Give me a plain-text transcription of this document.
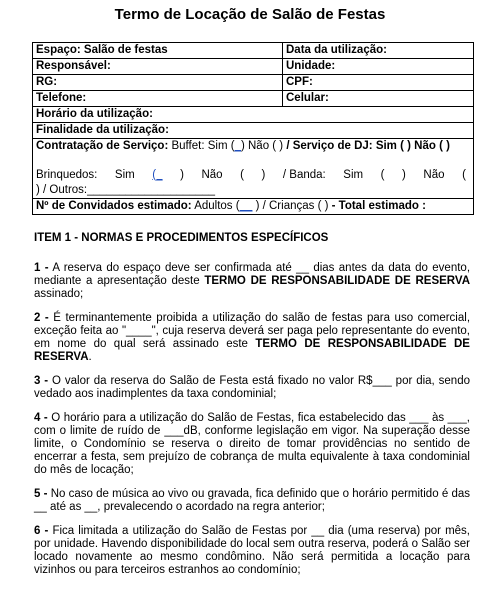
Termo de Locação de Salão de Festas
Espaço: Salão de festas	Data da utilização:
Responsável:	Unidade:
RG:	CPF:
Telefone:	Celular:
Horário da utilização:
Finalidade da utilização:
Contratação de Serviço: Buffet: Sim (_) Não ( ) / Serviço de DJ: Sim ( ) Não ( )
Brinquedos: Sim (_ ) Não ( ) / Banda: Sim ( ) Não (
) / Outros:____________________
Nº de Convidados estimado: Adultos (__ ) / Crianças ( ) - Total estimado :
ITEM 1 - NORMAS E PROCEDIMENTOS ESPECÍFICOS

1 - A reserva do espaço deve ser confirmada até __ dias antes da data do evento, mediante a apresentação deste TERMO DE RESPONSABILIDADE DE RESERVA assinado;

2 - É terminantemente proibida a utilização do salão de festas para uso comercial, exceção feita ao "____", cuja reserva deverá ser paga pelo representante do evento, em nome do qual será assinado este TERMO DE RESPONSABILIDADE DE RESERVA.

3 - O valor da reserva do Salão de Festa está fixado no valor R$___ por dia, sendo vedado aos inadimplentes da taxa condominial;

4 - O horário para a utilização do Salão de Festas, fica estabelecido das ___ às ___, com o limite de ruído de ___dB, conforme legislação em vigor. Na superação desse limite, o Condomínio se reserva o direito de tomar providências no sentido de encerrar a festa, sem prejuízo de cobrança de multa equivalente à taxa condominial do mês de locação;

5 - No caso de música ao vivo ou gravada, fica definido que o horário permitido é das __ até as __, prevalecendo o acordado na regra anterior;

6 - Fica limitada a utilização do Salão de Festas por __ dia (uma reserva) por mês, por unidade. Havendo disponibilidade do local sem outra reserva, poderá o Salão ser locado novamente ao mesmo condômino. Não será permitida a locação para vizinhos ou para terceiros estranhos ao condomínio;
